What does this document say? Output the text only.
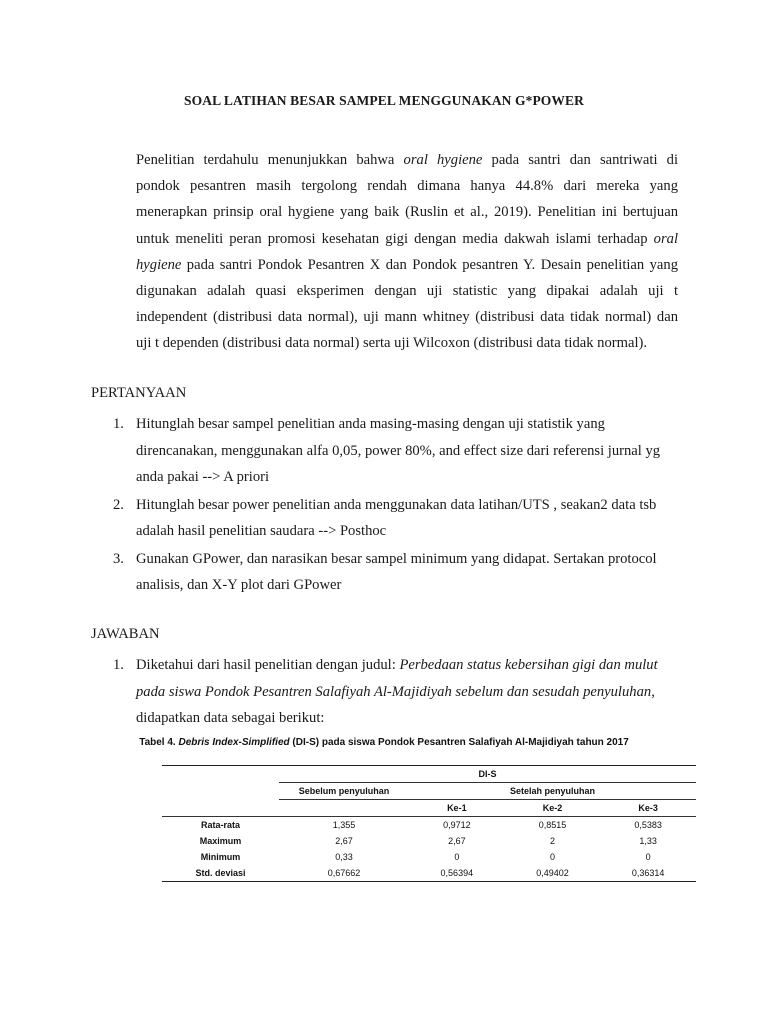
SOAL LATIHAN BESAR SAMPEL MENGGUNAKAN G*POWER
Penelitian terdahulu menunjukkan bahwa oral hygiene pada santri dan santriwati di
pondok pesantren masih tergolong rendah dimana hanya 44.8% dari mereka yang
menerapkan prinsip oral hygiene yang baik (Ruslin et al., 2019). Penelitian ini bertujuan
untuk meneliti peran promosi kesehatan gigi dengan media dakwah islami terhadap oral
hygiene pada santri Pondok Pesantren X dan Pondok pesantren Y. Desain penelitian yang
digunakan adalah quasi eksperimen dengan uji statistic yang dipakai adalah uji t
independent (distribusi data normal), uji mann whitney (distribusi data tidak normal) dan
uji t dependen (distribusi data normal) serta uji Wilcoxon (distribusi data tidak normal).
PERTANYAAN
1. Hitunglah besar sampel penelitian anda masing-masing dengan uji statistik yang
direncanakan, menggunakan alfa 0,05, power 80%, and effect size dari referensi jurnal yg
anda pakai --> A priori
2. Hitunglah besar power penelitian anda menggunakan data latihan/UTS , seakan2 data tsb
adalah hasil penelitian saudara --> Posthoc
3. Gunakan GPower, dan narasikan besar sampel minimum yang didapat. Sertakan protocol
analisis, dan X-Y plot dari GPower
JAWABAN
1. Diketahui dari hasil penelitian dengan judul: Perbedaan status kebersihan gigi dan mulut
pada siswa Pondok Pesantren Salafiyah Al-Majidiyah sebelum dan sesudah penyuluhan,
didapatkan data sebagai berikut:
Tabel 4. Debris Index-Simplified (DI-S) pada siswa Pondok Pesantren Salafiyah Al-Majidiyah tahun 2017
	DI-S			
	Sebelum penyuluhan	Setelah penyuluhan		
		Ke-1	Ke-2	Ke-3
Rata-rata	1,355	0,9712	0,8515	0,5383
Maximum	2,67	2,67	2	1,33
Minimum	0,33	0	0	0
Std. deviasi	0,67662	0,56394	0,49402	0,36314
